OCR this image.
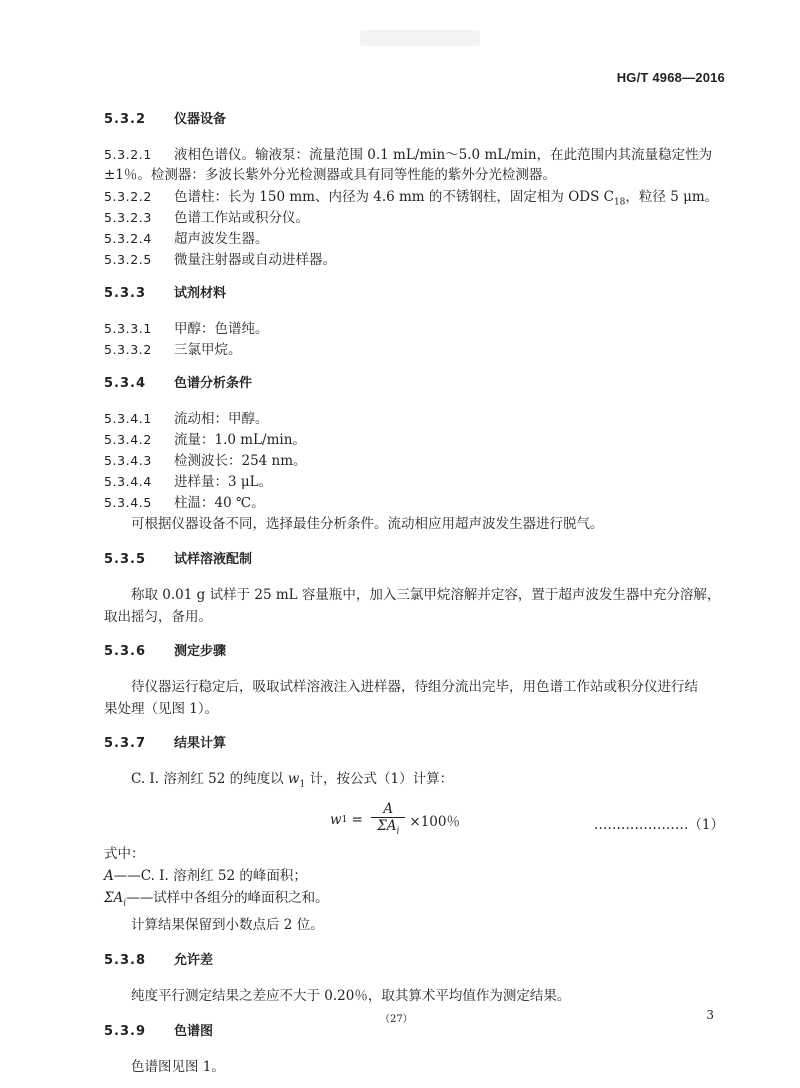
HG/T 4968—2016
5.3.2 仪器设备
5.3.2.1 液相色谱仪。输液泵：流量范围 0.1 mL/min～5.0 mL/min，在此范围内其流量稳定性为
±1％。检测器：多波长紫外分光检测器或具有同等性能的紫外分光检测器。
5.3.2.2 色谱柱：长为 150 mm、内径为 4.6 mm 的不锈钢柱，固定相为 ODS $C_{18}$，粒径 5 μm。
5.3.2.3 色谱工作站或积分仪。
5.3.2.4 超声波发生器。
5.3.2.5 微量注射器或自动进样器。
5.3.3 试剂材料
5.3.3.1 甲醇：色谱纯。
5.3.3.2 三氯甲烷。
5.3.4 色谱分析条件
5.3.4.1 流动相：甲醇。
5.3.4.2 流量：1.0 mL/min。
5.3.4.3 检测波长：254 nm。
5.3.4.4 进样量：3 μL。
5.3.4.5 柱温：40 ℃。
可根据仪器设备不同，选择最佳分析条件。流动相应用超声波发生器进行脱气。
5.3.5 试样溶液配制
称取 0.01 g 试样于 25 mL 容量瓶中，加入三氯甲烷溶解并定容，置于超声波发生器中充分溶解，
取出摇匀，备用。
5.3.6 测定步骤
待仪器运行稳定后，吸取试样溶液注入进样器，待组分流出完毕，用色谱工作站或积分仪进行结
果处理（见图 1）。
5.3.7 结果计算
C. I. 溶剂红 52 的纯度以 $w_1$ 计，按公式（1）计算：
w $1 = \frac{A}{\Sigma A_i} \times 100$％	…………………（1）
式中：
A——C. I. 溶剂红 52 的峰面积；
$\Sigma A_i——$试样中各组分的峰面积之和。
计算结果保留到小数点后 2 位。
5.3.8 允许差
纯度平行测定结果之差应不大于 0.20％，取其算术平均值作为测定结果。
5.3.9 色谱图
色谱图见图 1。
（27）	3
